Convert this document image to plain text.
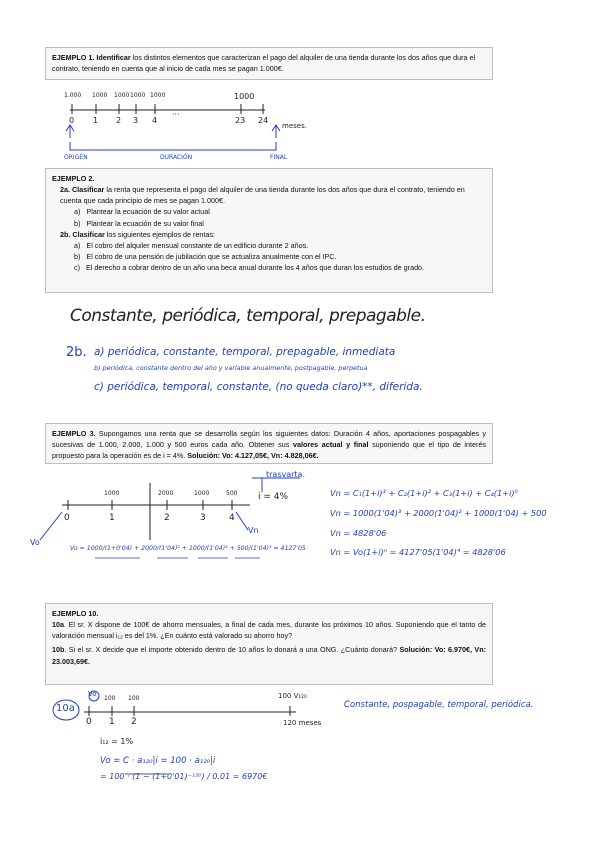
EJEMPLO 1. Identificar los distintos elementos que caracterizan el pago del alquiler de una tienda durante los dos años que dura el contrato, teniendo en cuenta que al inicio de cada mes se pagan 1.000€.

1.000 1000 1000 1000 1000	1000
0 1 2 3 4
···
23 24
meses.
ORIGEN	DURACIÓN	FINAL

EJEMPLO 2.

2a. Clasificar la renta que representa el pago del alquiler de una tienda durante los dos años que dura el contrato, teniendo en cuenta que cada principio de mes se pagan 1.000€.

a) Plantear la ecuación de su valor actual

b) Plantear la ecuación de su valor final

2b. Clasificar los siguientes ejemplos de rentas:

a) El cobro del alquiler mensual constante de un edificio durante 2 años.

b) El cobro de una pensión de jubilación que se actualiza anualmente con el IPC.

c) El derecho a cobrar dentro de un año una beca anual durante los 4 años que duran los estudios de grado.

Constante, periódica, temporal, prepagable.
2b. a) periódica, constante, temporal, prepagable, inmediata
b) periódica, constante dentro del año y variable anualmente, postpagable, perpetua
c) periódica, temporal, constante, (no queda claro)**, diferida.

EJEMPLO 3. Supongamos una renta que se desarrolla según los siguientes datos: Duración 4 años, aportaciones pospagables y sucesivas de 1.000, 2.000, 1.000 y 500 euros cada año. Obtener sus valores actual y final suponiendo que el tipo de interés propuesto para la operación es de i = 4%. Solución: Vo: 4.127,05€, Vn: 4.828,06€.

trasvarta.
1000	2000	1000	500 i = 4%
0	1	2	3	4
Vo
Vn
Vo = 1000/(1+0'04) + 2000/(1'04)² + 1000/(1'04)³ + 500/(1'04)⁴ = 4127'05
Vn = C₁(1+i)³ + C₂(1+i)² + C₃(1+i) + C₄(1+i)⁰
Vn = 1000(1'04)³ + 2000(1'04)² + 1000(1'04) + 500
Vn = 4828'06
Vn = Vo(1+i)ⁿ = 4127'05(1'04)⁴ = 4828'06

EJEMPLO 10.

10a. El sr. X dispone de 100€ de ahorro mensuales, a final de cada mes, durante los próximos 10 años. Suponiendo que el tanto de valoración mensual i₁₂ es del 1%. ¿En cuánto está valorado su ahorro hoy?

10b. Si el sr. X decide que el importe obtenido dentro de 10 años lo donará a una ONG. ¿Cuánto donará? Solución: Vo: 6.970€, Vn: 23.003,69€.

10a
Vo
100 100	100 V₁₂₀
0 1 2
···
120 meses
i₁₂ = 1%
Vo = C · a₁₂₀|i = 100 · a₁₂₀|i
= 100 · (1 − (1+0'01)⁻¹²⁰) / 0.01 = 6970€
Constante, pospagable, temporal, periódica.
